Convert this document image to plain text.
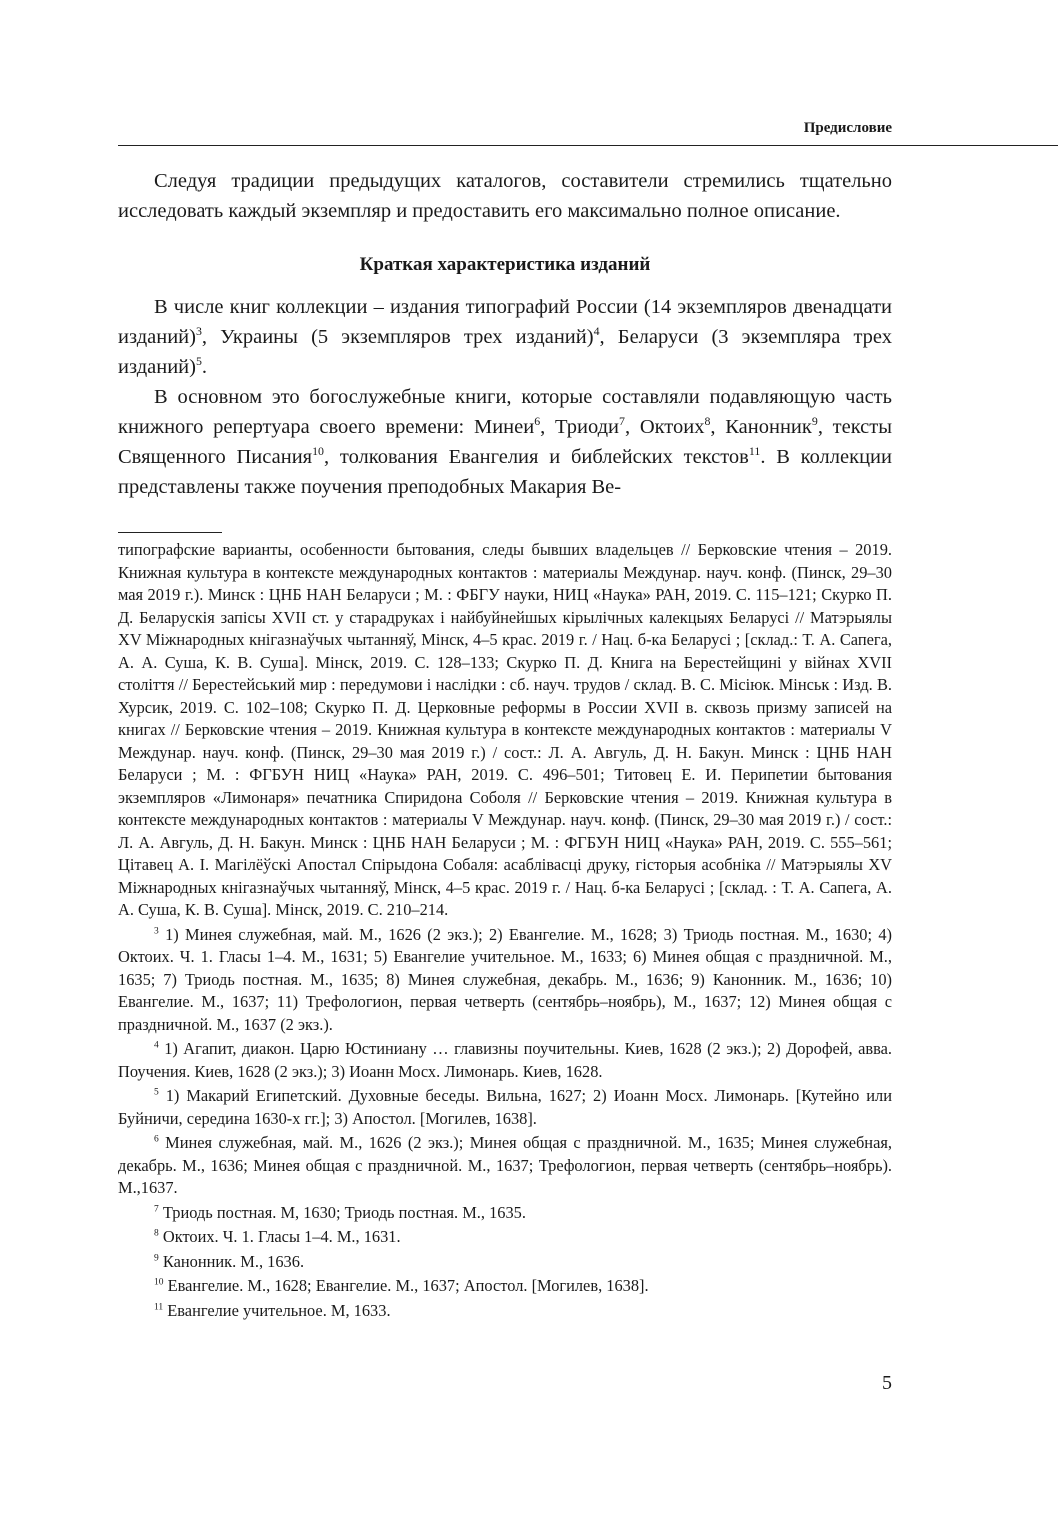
Предисловие

Следуя традиции предыдущих каталогов, составители стремились тщательно исследовать каждый экземпляр и предоставить его максимально полное описание.

Краткая характеристика изданий

В числе книг коллекции – издания типографий России (14 экземпляров двенадцати изданий)$^3$, Украины (5 экземпляров трех изданий)$^4$, Беларуси (3 экземпляра трех изданий)$^5$.

В основном это богослужебные книги, которые составляли подавляющую часть книжного репертуара своего времени: Минеи$^6$, Триоди$^7$, Октоих$^8$, Канонник$^9$, тексты Священного Писания$^{10}$, толкования Евангелия и библейских текстов$^{11}$. В коллекции представлены также поучения преподобных Макария Ве-

типографские варианты, особенности бытования, следы бывших владельцев // Берковские чтения – 2019. Книжная культура в контексте международных контактов : материалы Междунар. науч. конф. (Пинск, 29–30 мая 2019 г.). Минск : ЦНБ НАН Беларуси ; М. : ФБГУ науки, НИЦ «Наука» РАН, 2019. С. 115–121; Скурко П. Д. Беларускія запісы XVII ст. у старадруках і найбуйнейшых кірылічных калекцыях Беларусі // Матэрыялы XV Міжнародных кнігазнаўчых чытанняў, Мінск, 4–5 крас. 2019 г. / Нац. б-ка Беларусі ; [склад.: Т. А. Сапега, А. А. Суша, К. В. Суша]. Мінск, 2019. С. 128–133; Скурко П. Д. Книга на Берестейщині у війнах XVII століття // Берестейський мир : передумови і наслідки : сб. науч. трудов / склад. В. С. Місіюк. Мінськ : Изд. В. Хурсик, 2019. С. 102–108; Скурко П. Д. Церковные реформы в России XVII в. сквозь призму записей на книгах // Берковские чтения – 2019. Книжная культура в контексте международных контактов : материалы V Междунар. науч. конф. (Пинск, 29–30 мая 2019 г.) / сост.: Л. А. Авгуль, Д. Н. Бакун. Минск : ЦНБ НАН Беларуси ; М. : ФГБУН НИЦ «Наука» РАН, 2019. С. 496–501; Титовец Е. И. Перипетии бытования экземпляров «Лимонаря» печатника Спиридона Соболя // Берковские чтения – 2019. Книжная культура в контексте международных контактов : материалы V Междунар. науч. конф. (Пинск, 29–30 мая 2019 г.) / сост.: Л. А. Авгуль, Д. Н. Бакун. Минск : ЦНБ НАН Беларуси ; М. : ФГБУН НИЦ «Наука» РАН, 2019. С. 555–561; Цітавец А. І. Магілёўскі Апостал Спірыдона Собаля: асаблівасці друку, гісторыя асобніка // Матэрыялы XV Міжнародных кнігазнаўчых чытанняў, Мінск, 4–5 крас. 2019 г. / Нац. б-ка Беларусі ; [склад. : Т. А. Сапега, А. А. Суша, К. В. Суша]. Мінск, 2019. С. 210–214.

$^3$ 1) Минея служебная, май. М., 1626 (2 экз.); 2) Евангелие. М., 1628; 3) Триодь постная. М., 1630; 4) Октоих. Ч. 1. Гласы 1–4. М., 1631; 5) Евангелие учительное. М., 1633; 6) Минея общая с праздничной. М., 1635; 7) Триодь постная. М., 1635; 8) Минея служебная, декабрь. М., 1636; 9) Канонник. М., 1636; 10) Евангелие. М., 1637; 11) Трефологион, первая четверть (сентябрь–ноябрь), М., 1637; 12) Минея общая с праздничной. М., 1637 (2 экз.).

$^4$ 1) Агапит, диакон. Царю Юстиниану … главизны поучительны. Киев, 1628 (2 экз.); 2) Дорофей, авва. Поучения. Киев, 1628 (2 экз.); 3) Иоанн Мосх. Лимонарь. Киев, 1628.

$^5$ 1) Макарий Египетский. Духовные беседы. Вильна, 1627; 2) Иоанн Мосх. Лимонарь. [Кутейно или Буйничи, середина 1630-х гг.]; 3) Апостол. [Могилев, 1638].

$^6$ Минея служебная, май. М., 1626 (2 экз.); Минея общая с праздничной. М., 1635; Минея служебная, декабрь. М., 1636; Минея общая с праздничной. М., 1637; Трефологион, первая четверть (сентябрь–ноябрь). М.,1637.

$^7$ Триодь постная. М, 1630; Триодь постная. М., 1635.

$^8$ Октоих. Ч. 1. Гласы 1–4. М., 1631.

$^9$ Канонник. М., 1636.

$^{10}$ Евангелие. М., 1628; Евангелие. М., 1637; Апостол. [Могилев, 1638].

$^{11}$ Евангелие учительное. М, 1633.

5
